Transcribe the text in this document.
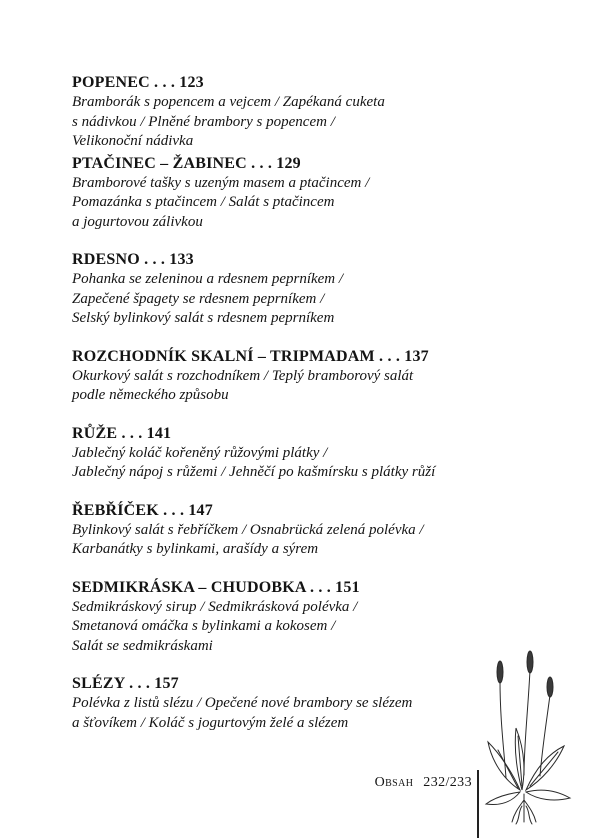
POPENEC . . . 123
Bramborák s popencem a vejcem / Zapékaná cuketa
s nádivkou / Plněné brambory s popencem /
Velikonoční nádivka
PTAČINEC – ŽABINEC . . . 129
Bramborové tašky s uzeným masem a ptačincem /
Pomazánka s ptačincem / Salát s ptačincem
a jogurtovou zálivkou
RDESNO . . . 133
Pohanka se zeleninou a rdesnem peprníkem /
Zapečené špagety se rdesnem peprníkem /
Selský bylinkový salát s rdesnem peprníkem
ROZCHODNÍK SKALNÍ – TRIPMADAM . . . 137
Okurkový salát s rozchodníkem / Teplý bramborový salát
podle německého způsobu
RŮŽE . . . 141
Jablečný koláč kořeněný růžovými plátky /
Jablečný nápoj s růžemi / Jehněčí po kašmírsku s plátky růží
ŘEBŘÍČEK . . . 147
Bylinkový salát s řebříčkem / Osnabrücká zelená polévka /
Karbanátky s bylinkami, arašídy a sýrem
SEDMIKRÁSKA – CHUDOBKA . . . 151
Sedmikráskový sirup / Sedmikrásková polévka /
Smetanová omáčka s bylinkami a kokosem /
Salát se sedmikráskami
SLÉZY . . . 157
Polévka z listů slézu / Opečené nové brambory se slézem
a šťovíkem / Koláč s jogurtovým želé a slézem
Obsah 232/233
